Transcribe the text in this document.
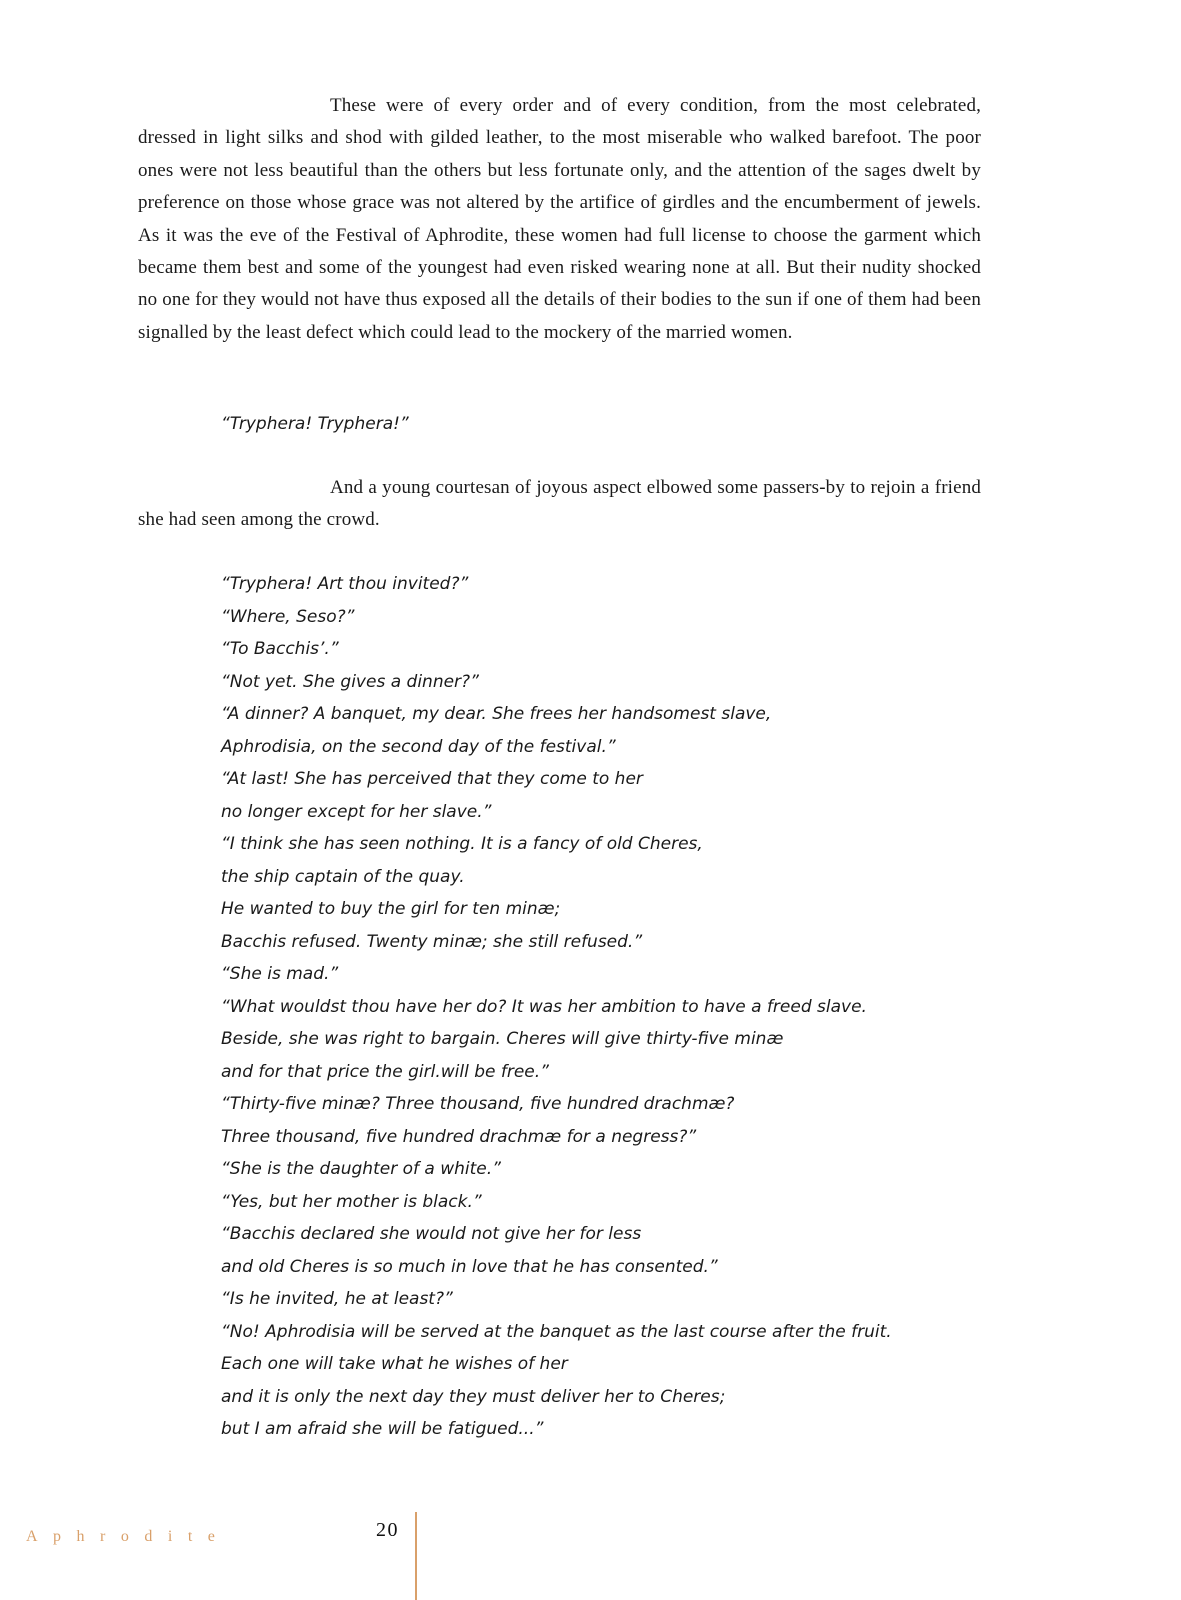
These were of every order and of every condition, from the most celebrated, dressed in light silks and shod with gilded leather, to the most miserable who walked barefoot. The poor ones were not less beautiful than the others but less fortunate only, and the attention of the sages dwelt by preference on those whose grace was not altered by the artifice of girdles and the encumberment of jewels. As it was the eve of the Festival of Aphrodite, these women had full license to choose the garment which became them best and some of the youngest had even risked wearing none at all. But their nudity shocked no one for they would not have thus exposed all the details of their bodies to the sun if one of them had been signalled by the least defect which could lead to the mockery of the married women.

“Tryphera! Tryphera!”

And a young courtesan of joyous aspect elbowed some passers-by to rejoin a friend she had seen among the crowd.

“Tryphera! Art thou invited?”
“Where, Seso?”
“To Bacchis’.”
“Not yet. She gives a dinner?”
“A dinner? A banquet, my dear. She frees her handsomest slave,
Aphrodisia, on the second day of the festival.”
“At last! She has perceived that they come to her
no longer except for her slave.”
“I think she has seen nothing. It is a fancy of old Cheres,
the ship captain of the quay.
He wanted to buy the girl for ten minæ;
Bacchis refused. Twenty minæ; she still refused.”
“She is mad.”
“What wouldst thou have her do? It was her ambition to have a freed slave.
Beside, she was right to bargain. Cheres will give thirty-five minæ
and for that price the girl.will be free.”
“Thirty-five minæ? Three thousand, five hundred drachmæ?
Three thousand, five hundred drachmæ for a negress?”
“She is the daughter of a white.”
“Yes, but her mother is black.”
“Bacchis declared she would not give her for less
and old Cheres is so much in love that he has consented.”
“Is he invited, he at least?”
“No! Aphrodisia will be served at the banquet as the last course after the fruit.
Each one will take what he wishes of her
and it is only the next day they must deliver her to Cheres;
but I am afraid she will be fatigued...”
Aphrodite	20
